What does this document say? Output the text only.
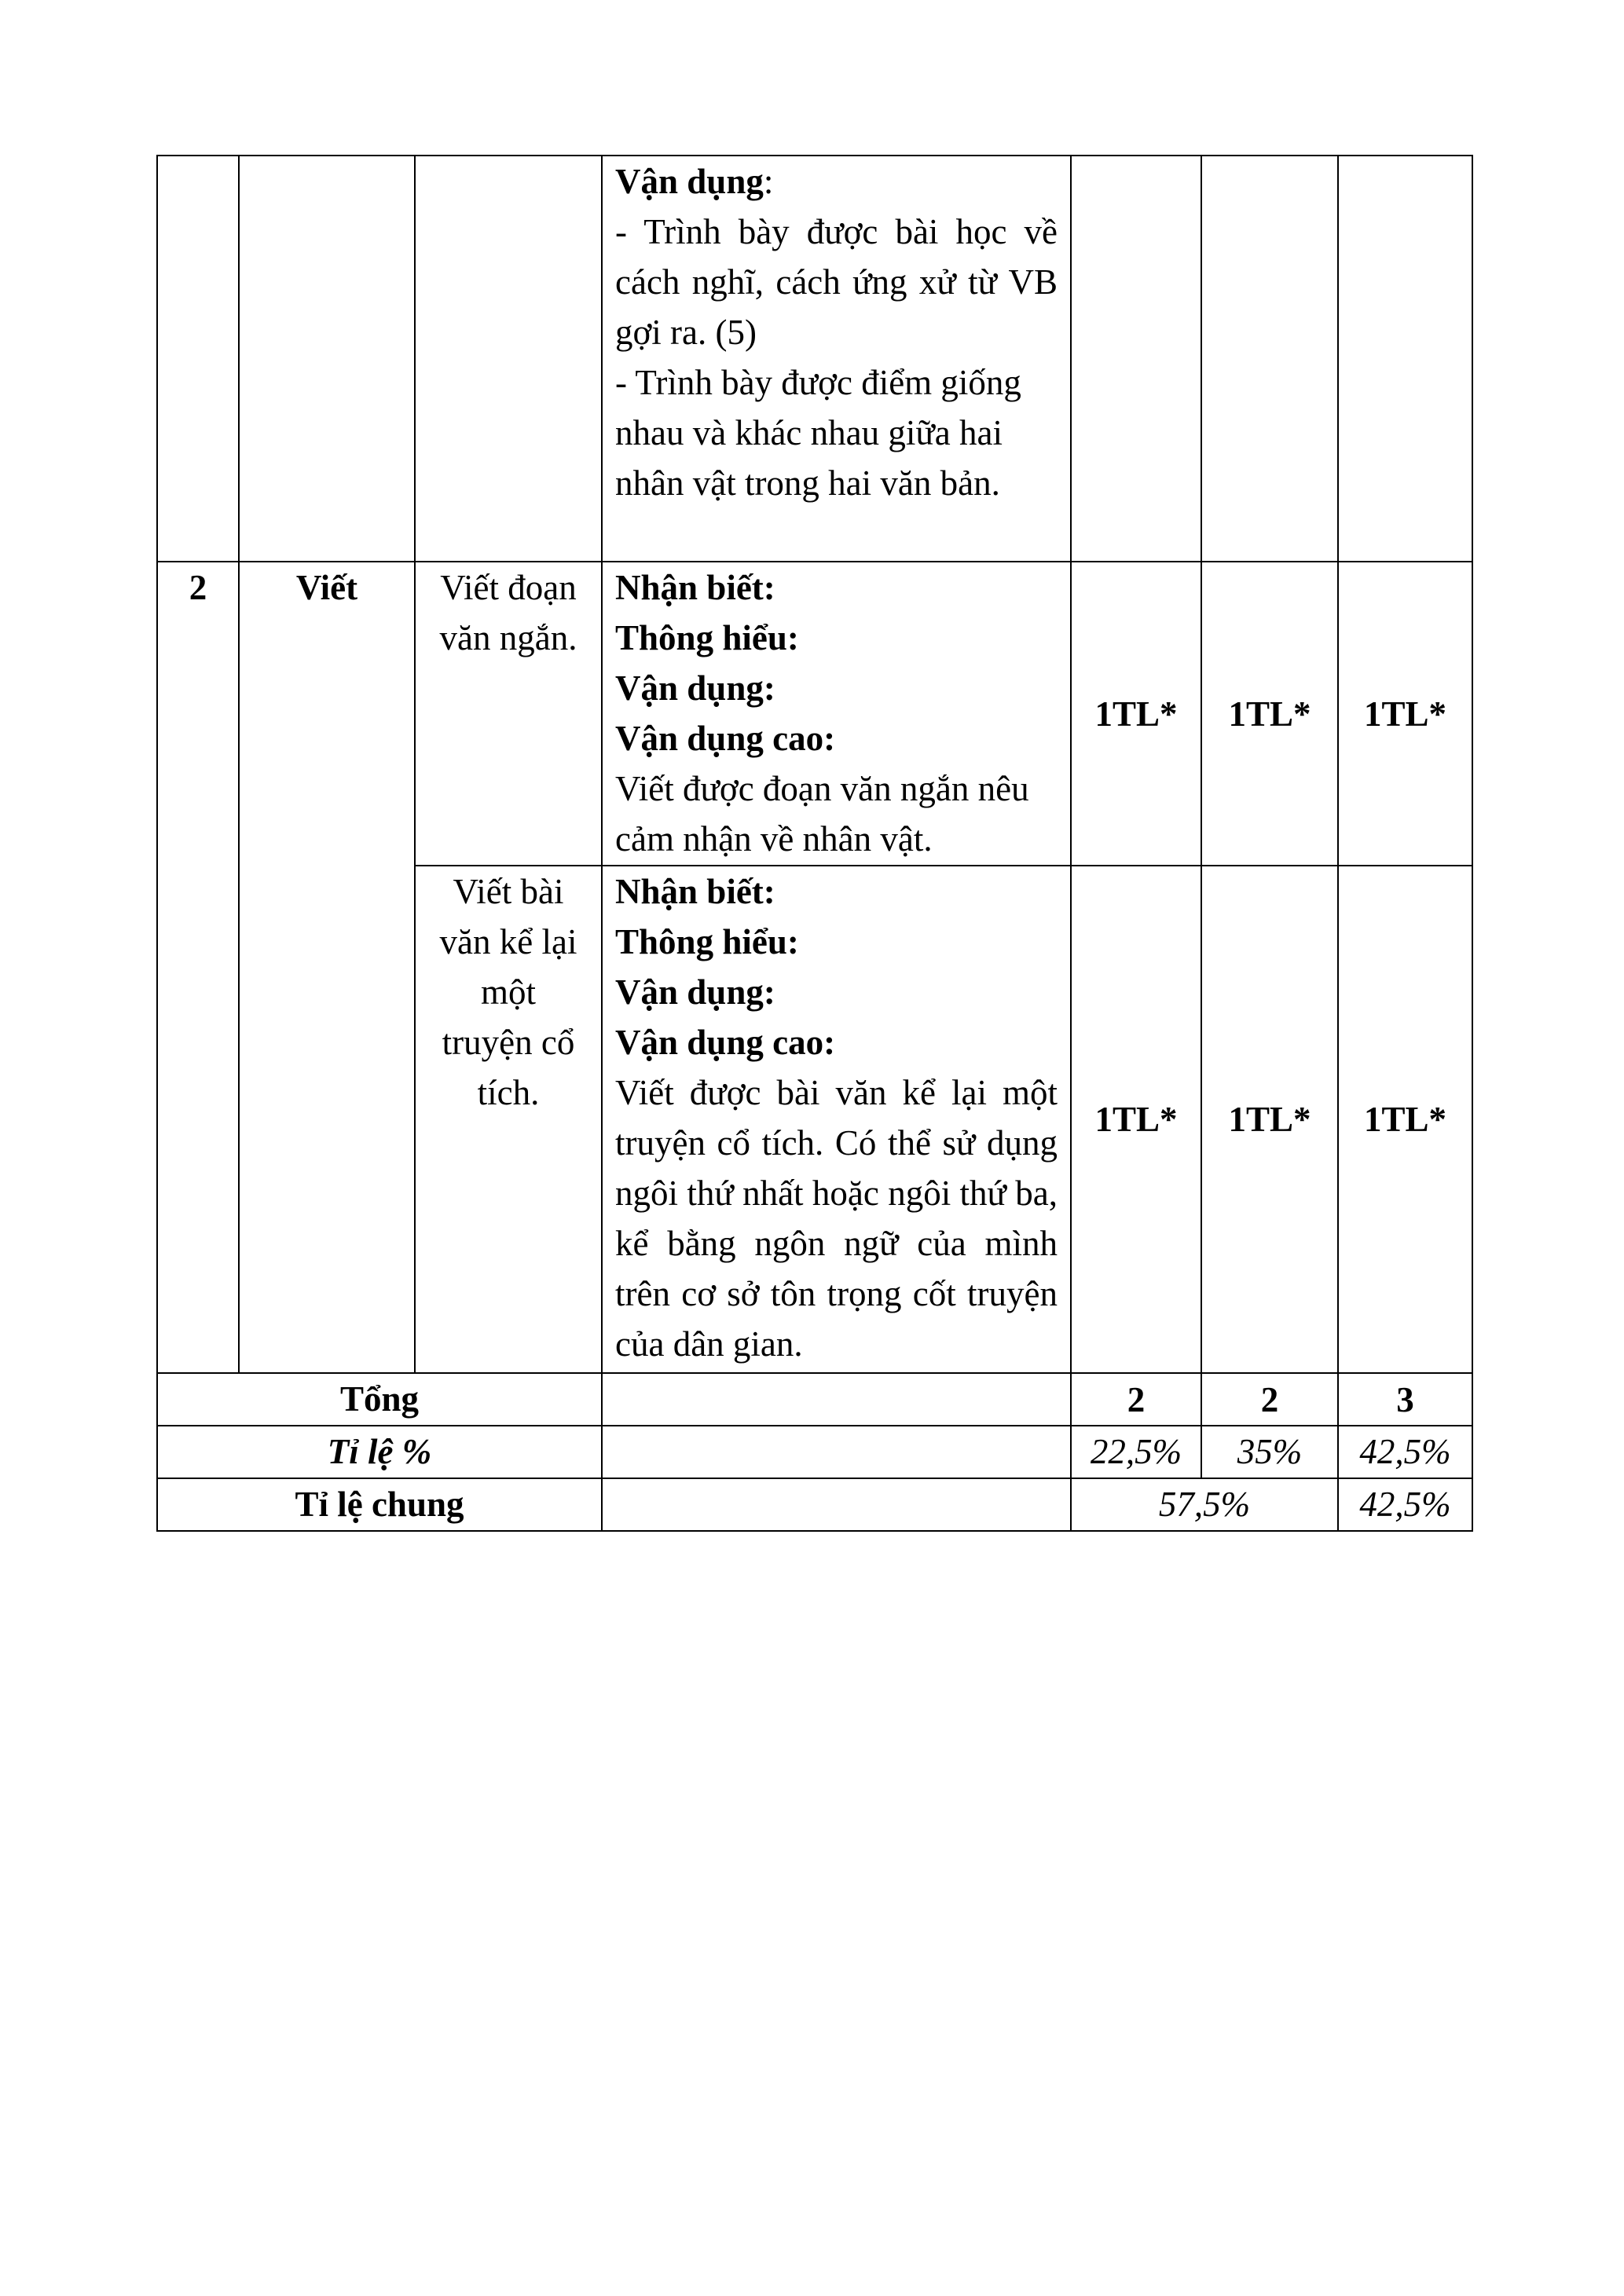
			Vận dụng:
- Trình bày được bài học về cách nghĩ, cách ứng xử từ VB gợi ra. (5)
- Trình bày được điểm giống nhau và khác nhau giữa hai nhân vật trong hai văn bản.			

2	Viết	Viết đoạn văn ngắn.	Nhận biết:
Thông hiểu:
Vận dụng:
Vận dụng cao:
Viết được đoạn văn ngắn nêu cảm nhận về nhân vật.	1TL*	1TL*	1TL*
		Viết bài văn kể lại một truyện cổ tích.	Nhận biết:
Thông hiểu:
Vận dụng:
Vận dụng cao:
Viết được bài văn kể lại một truyện cổ tích. Có thể sử dụng ngôi thứ nhất hoặc ngôi thứ ba, kể bằng ngôn ngữ của mình trên cơ sở tôn trọng cốt truyện của dân gian.	1TL*	1TL*	1TL*
Tổng				2	2	3
Tỉ lệ %				22,5%	35%	42,5%
Tỉ lệ chung				57,5%		42,5%
